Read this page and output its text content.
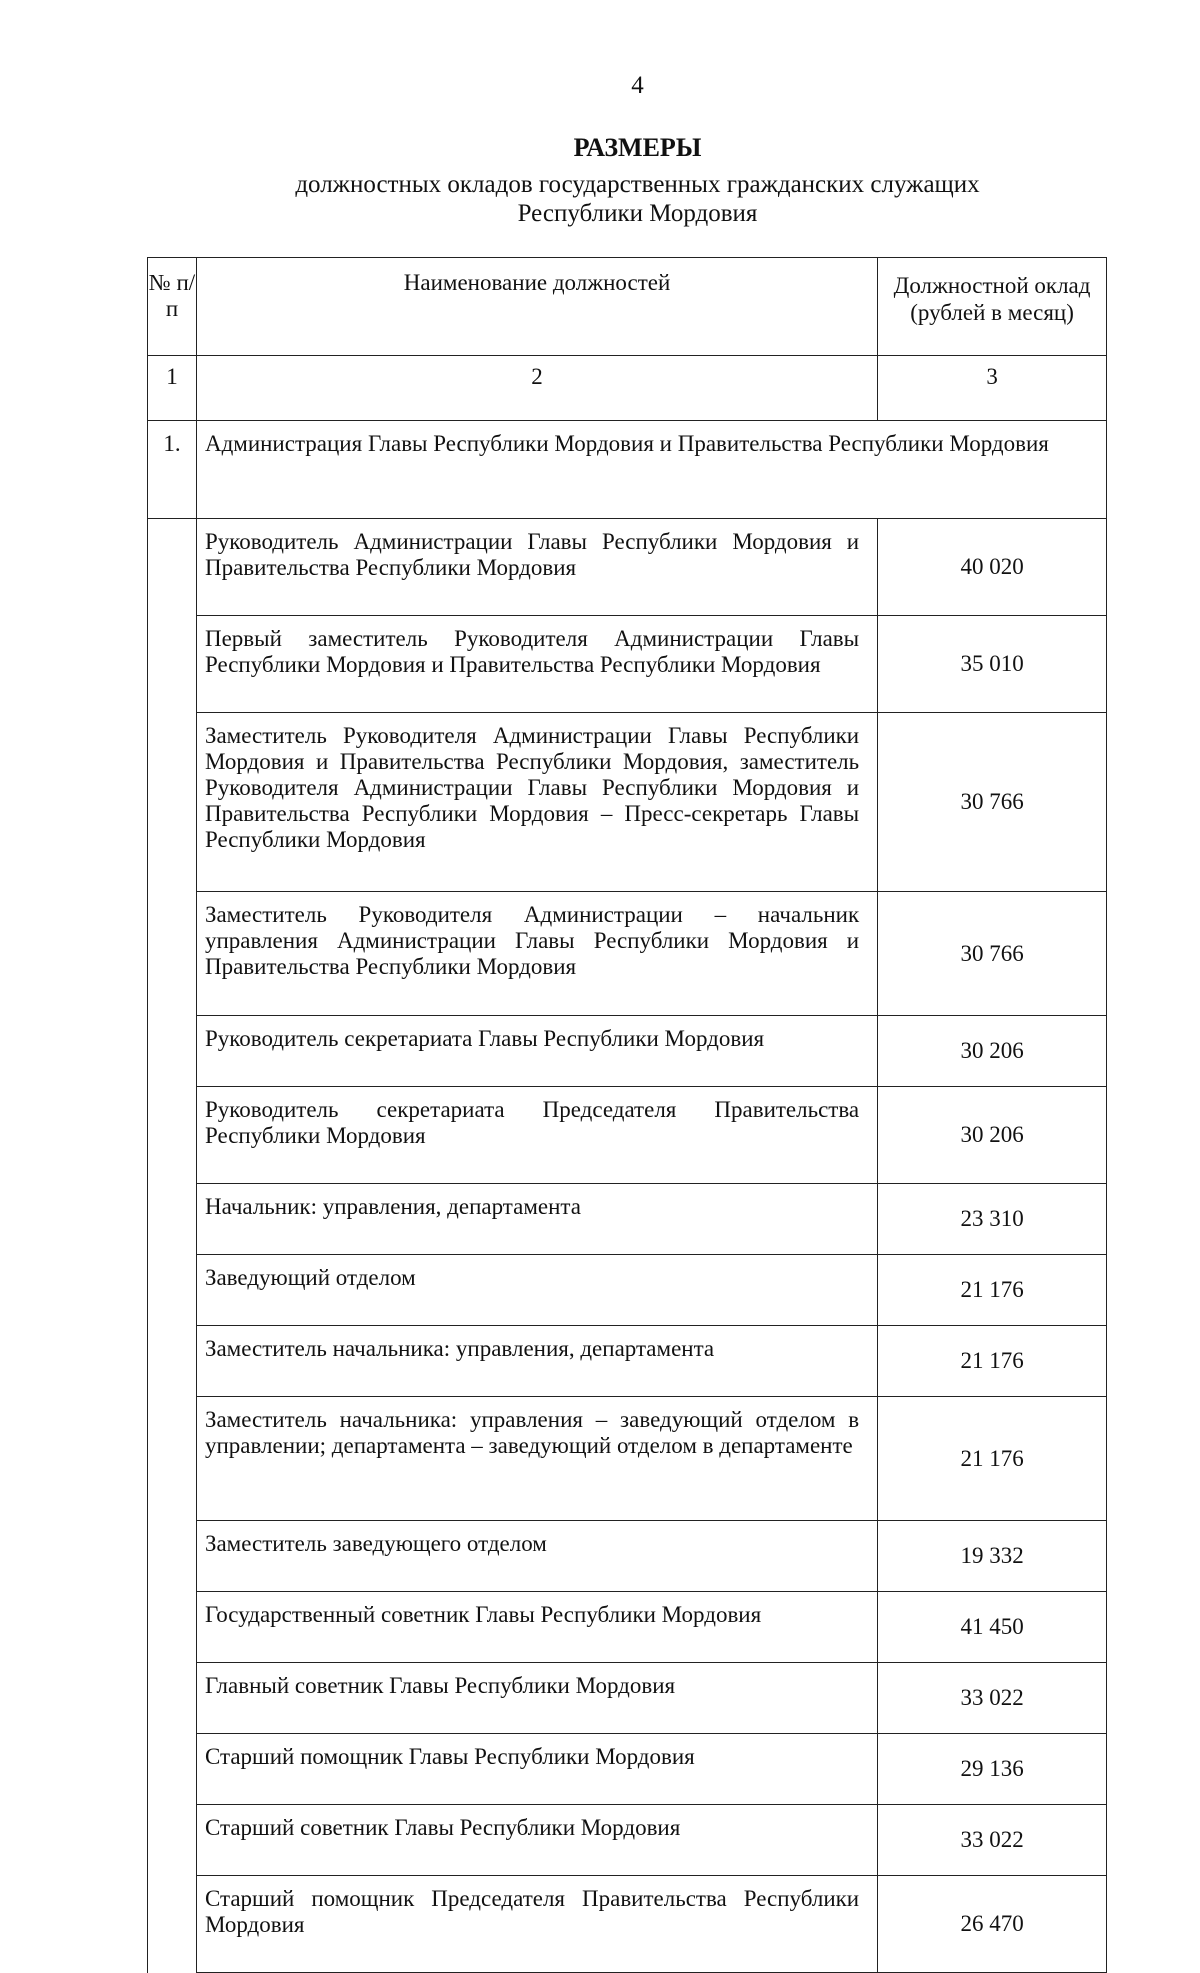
4
РАЗМЕРЫ
должностных окладов государственных гражданских служащих
Республики Мордовия
№ п/п	Наименование должностей	Должностной оклад (рублей в месяц)
1	2	3
1.	Администрация Главы Республики Мордовия и Правительства Республики Мордовия	
	Руководитель Администрации Главы Республики Мордовия и Правительства Республики Мордовия	40 020
	Первый заместитель Руководителя Администрации Главы Республики Мордовия и Правительства Республики Мордовия	35 010
	Заместитель Руководителя Администрации Главы Республики Мордовия и Правительства Республики Мордовия, заместитель Руководителя Администрации Главы Республики Мордовия и Правительства Республики Мордовия – Пресс-секретарь Главы Республики Мордовия	30 766
	Заместитель Руководителя Администрации – начальник управления Администрации Главы Республики Мордовия и Правительства Республики Мордовия	30 766
	Руководитель секретариата Главы Республики Мордовия	30 206
	Руководитель секретариата Председателя Правительства Республики Мордовия	30 206
	Начальник: управления, департамента	23 310
	Заведующий отделом	21 176
	Заместитель начальника: управления, департамента	21 176
	Заместитель начальника: управления – заведующий отделом в управлении; департамента – заведующий отделом в департаменте	21 176
	Заместитель заведующего отделом	19 332
	Государственный советник Главы Республики Мордовия	41 450
	Главный советник Главы Республики Мордовия	33 022
	Старший помощник Главы Республики Мордовия	29 136
	Старший советник Главы Республики Мордовия	33 022
	Старший помощник Председателя Правительства Республики Мордовия	26 470
